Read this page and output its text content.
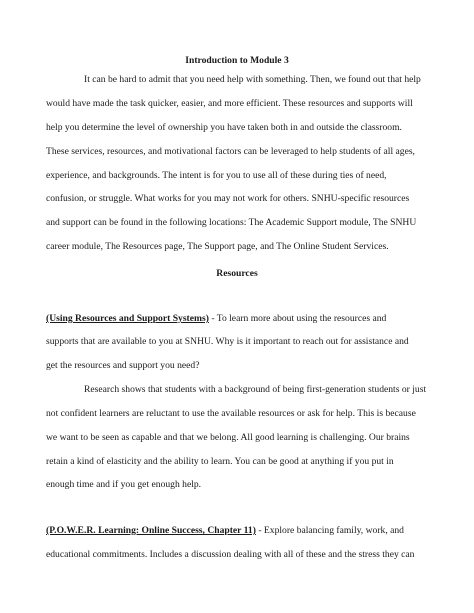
Introduction to Module 3

It can be hard to admit that you need help with something. Then, we found out that help

would have made the task quicker, easier, and more efficient. These resources and supports will

help you determine the level of ownership you have taken both in and outside the classroom.

These services, resources, and motivational factors can be leveraged to help students of all ages,

experience, and backgrounds. The intent is for you to use all of these during ties of need,

confusion, or struggle. What works for you may not work for others. SNHU-specific resources

and support can be found in the following locations: The Academic Support module, The SNHU

career module, The Resources page, The Support page, and The Online Student Services.

Resources

(Using Resources and Support Systems) - To learn more about using the resources and

supports that are available to you at SNHU. Why is it important to reach out for assistance and

get the resources and support you need?

Research shows that students with a background of being first-generation students or just

not confident learners are reluctant to use the available resources or ask for help. This is because

we want to be seen as capable and that we belong. All good learning is challenging. Our brains

retain a kind of elasticity and the ability to learn. You can be good at anything if you put in

enough time and if you get enough help.

(P.O.W.E.R. Learning: Online Success, Chapter 11) - Explore balancing family, work, and

educational commitments. Includes a discussion dealing with all of these and the stress they can
